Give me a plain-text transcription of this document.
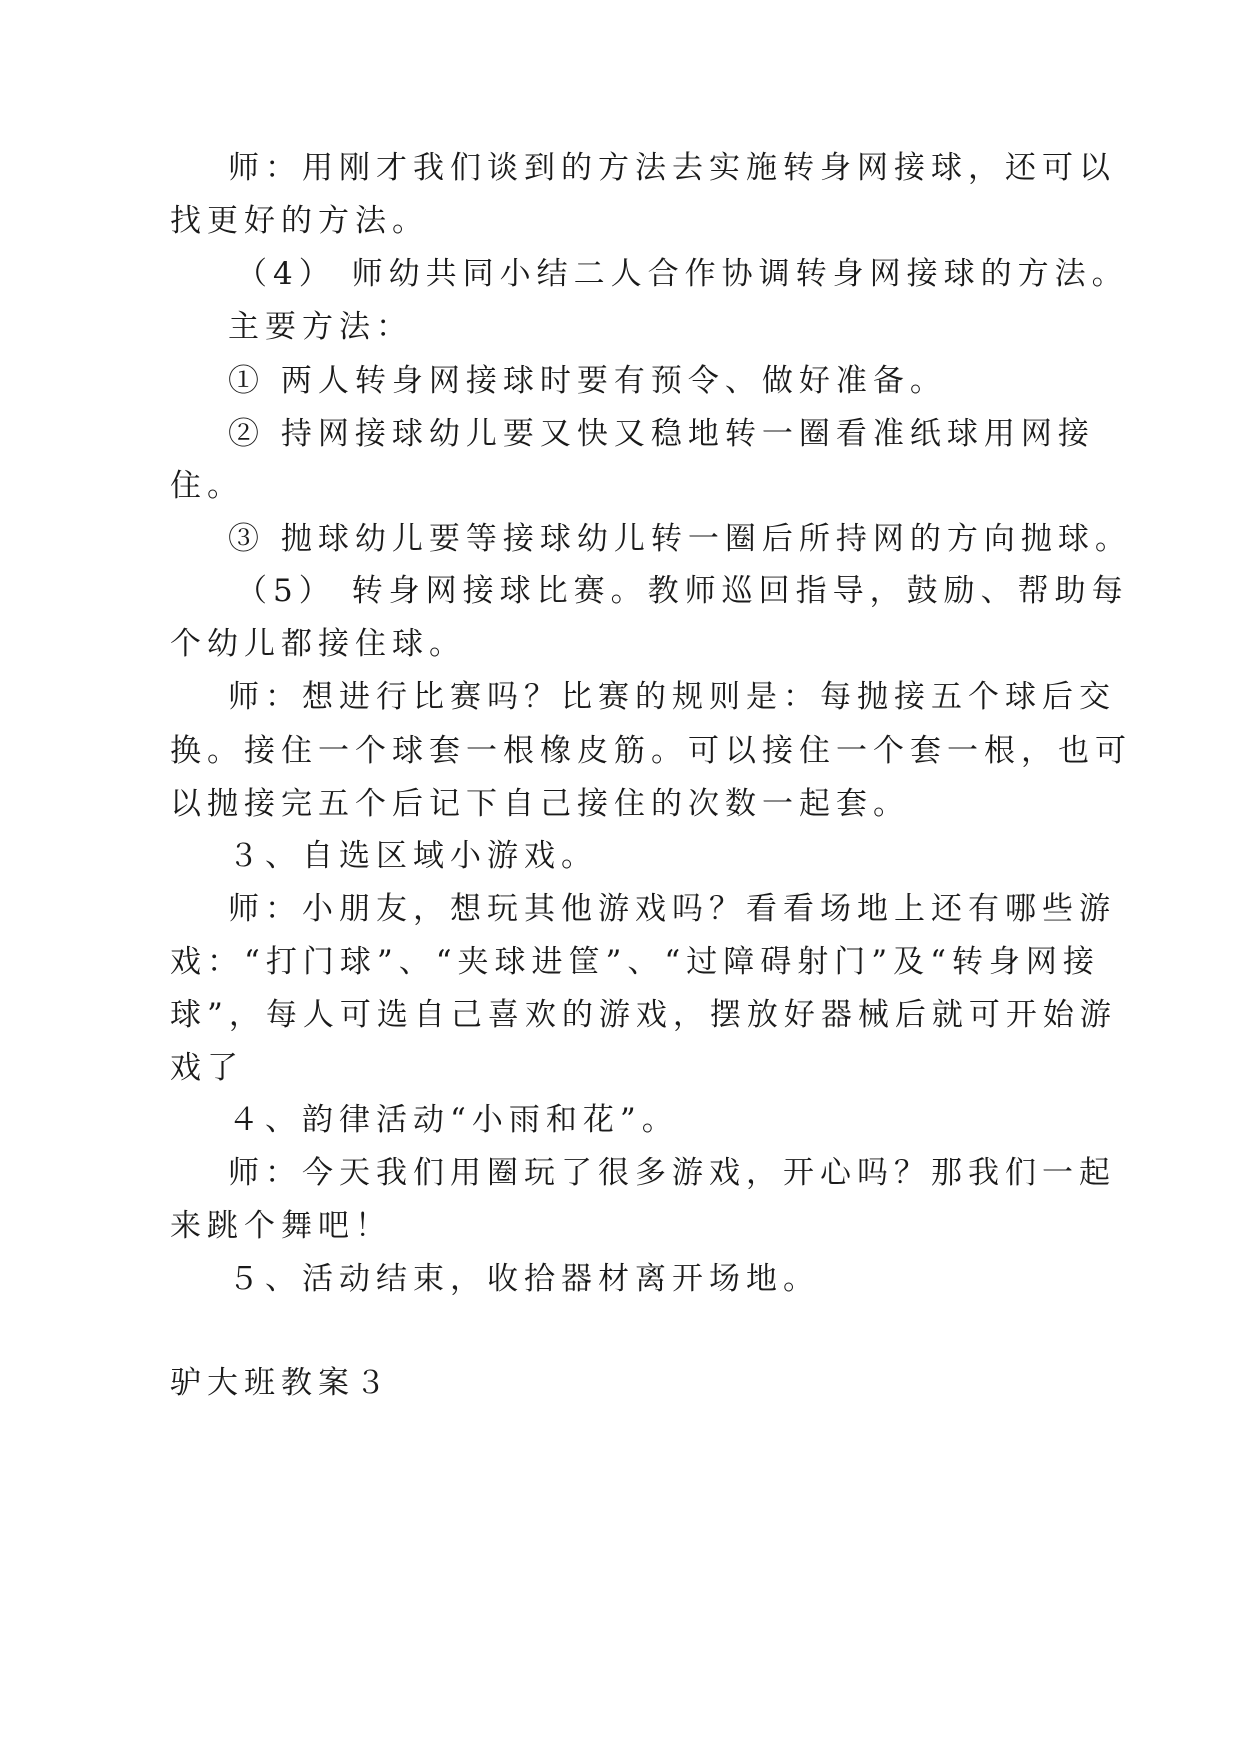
师：用刚才我们谈到的方法去实施转身网接球，还可以
找更好的方法。
（4） 师幼共同小结二人合作协调转身网接球的方法。
主要方法：
① 两人转身网接球时要有预令、做好准备。
② 持网接球幼儿要又快又稳地转一圈看准纸球用网接
住。
③ 抛球幼儿要等接球幼儿转一圈后所持网的方向抛球。
（5） 转身网接球比赛。教师巡回指导，鼓励、帮助每
个幼儿都接住球。
师：想进行比赛吗？比赛的规则是：每抛接五个球后交
换。接住一个球套一根橡皮筋。可以接住一个套一根，也可
以抛接完五个后记下自己接住的次数一起套。
３、自选区域小游戏。
师：小朋友，想玩其他游戏吗？看看场地上还有哪些游
戏：“打门球”、“夹球进筐”、“过障碍射门”及“转身网接
球”，每人可选自己喜欢的游戏，摆放好器械后就可开始游
戏了
４、韵律活动“小雨和花”。
师：今天我们用圈玩了很多游戏，开心吗？那我们一起
来跳个舞吧！
５、活动结束，收拾器材离开场地。
驴大班教案３
